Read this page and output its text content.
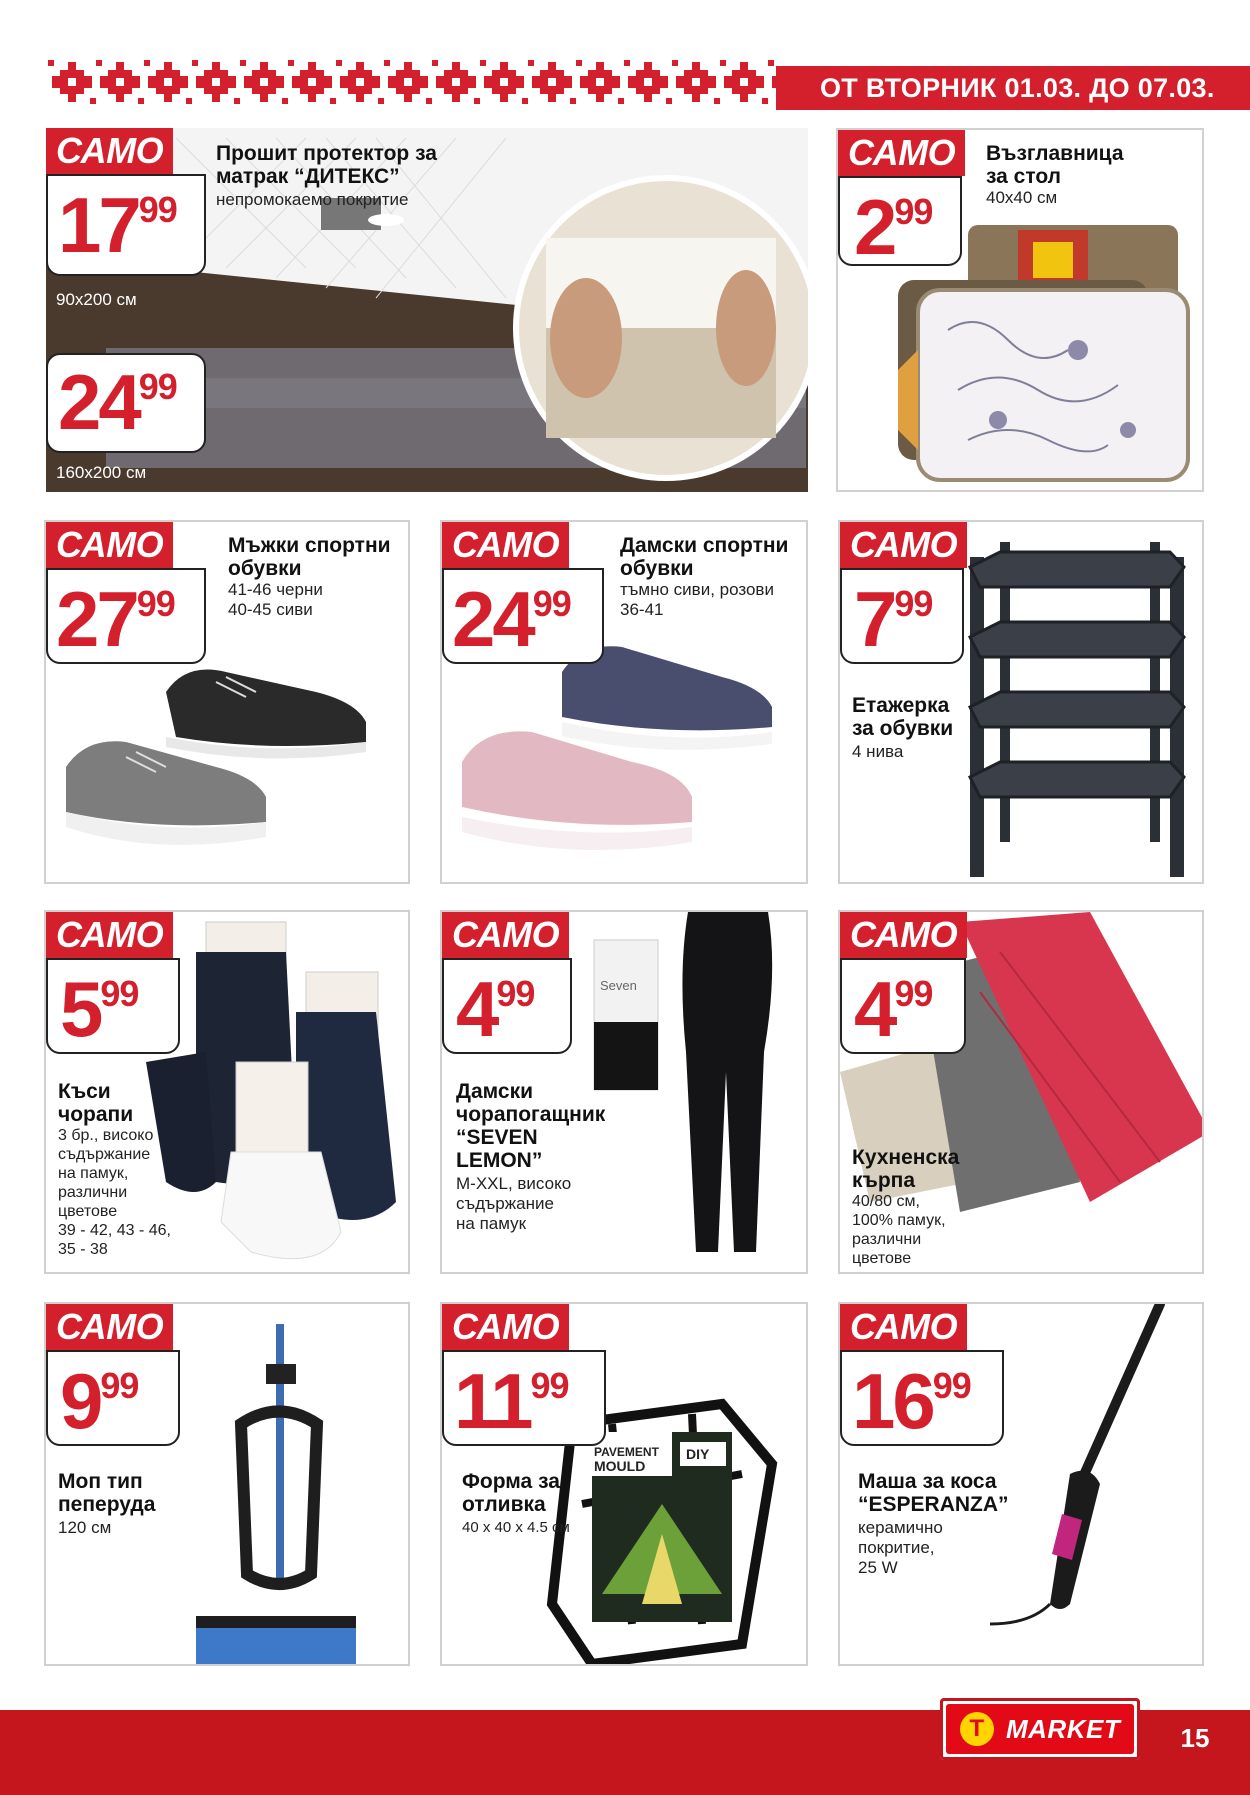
ОТ ВТОРНИК 01.03. ДО 07.03.
САМО
1799
90x200 см
2499
160x200 см
Прошит протектор за
матрак “ДИТЕКС”
непромокаемо покритие
САМО
299
Възглавница
за стол
40х40 см
САМО
2799
Мъжки спортни
обувки
41-46 черни
40-45 сиви
САМО
2499
Дамски спортни
обувки
тъмно сиви, розови
36-41
САМО
799
Етажерка
за обувки
4 нива
САМО
599
Къси
чорапи
3 бр., високо
съдържание
на памук,
различни
цветове
39 - 42, 43 - 46,
35 - 38
САМО
Seven
499
Дамски
чорапогащник
“SEVEN
LEMON”
M-XXL, високо
съдържание
на памук
САМО
499
Кухненска
кърпа
40/80 см,
100% памук,
различни
цветове
САМО
999
Моп тип
пеперуда
120 см
САМО
PAVEMENT
MOULD
DIY
1199
Форма за
отливка
40 x 40 x 4.5 см
САМО
1699
Маша за коса
“ESPERANZA”
керамично
покритие,
25 W
T MARKET	15
